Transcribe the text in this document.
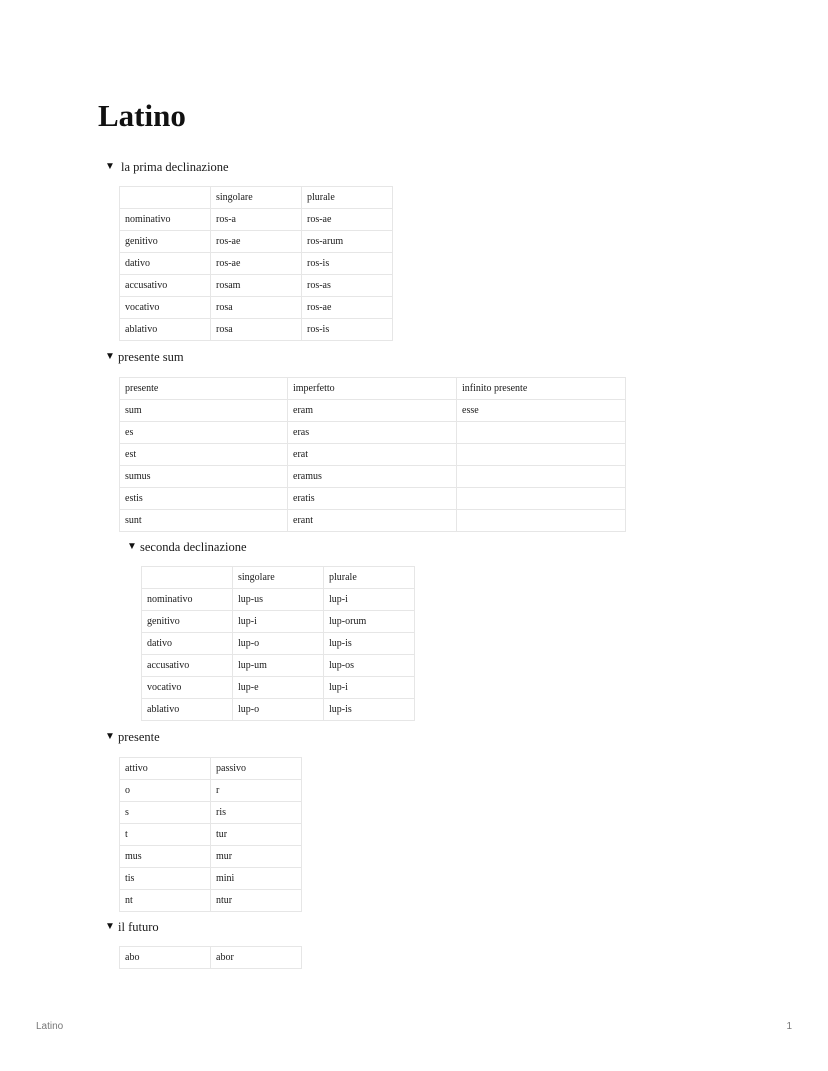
Latino
▼ la prima declinazione
	singolare	plurale
nominativo	ros-a	ros-ae
genitivo	ros-ae	ros-arum
dativo	ros-ae	ros-is
accusativo	rosam	ros-as
vocativo	rosa	ros-ae
ablativo	rosa	ros-is
▼ presente sum
presente	imperfetto	infinito presente
sum	eram	esse
es	eras	
est	erat	
sumus	eramus	
estis	eratis	
sunt	erant	
▼ seconda declinazione
	singolare	plurale
nominativo	lup-us	lup-i
genitivo	lup-i	lup-orum
dativo	lup-o	lup-is
accusativo	lup-um	lup-os
vocativo	lup-e	lup-i
ablativo	lup-o	lup-is
▼ presente
attivo	passivo
o	r
s	ris
t	tur
mus	mur
tis	mini
nt	ntur
▼ il futuro
abo	abor
Latino	1
